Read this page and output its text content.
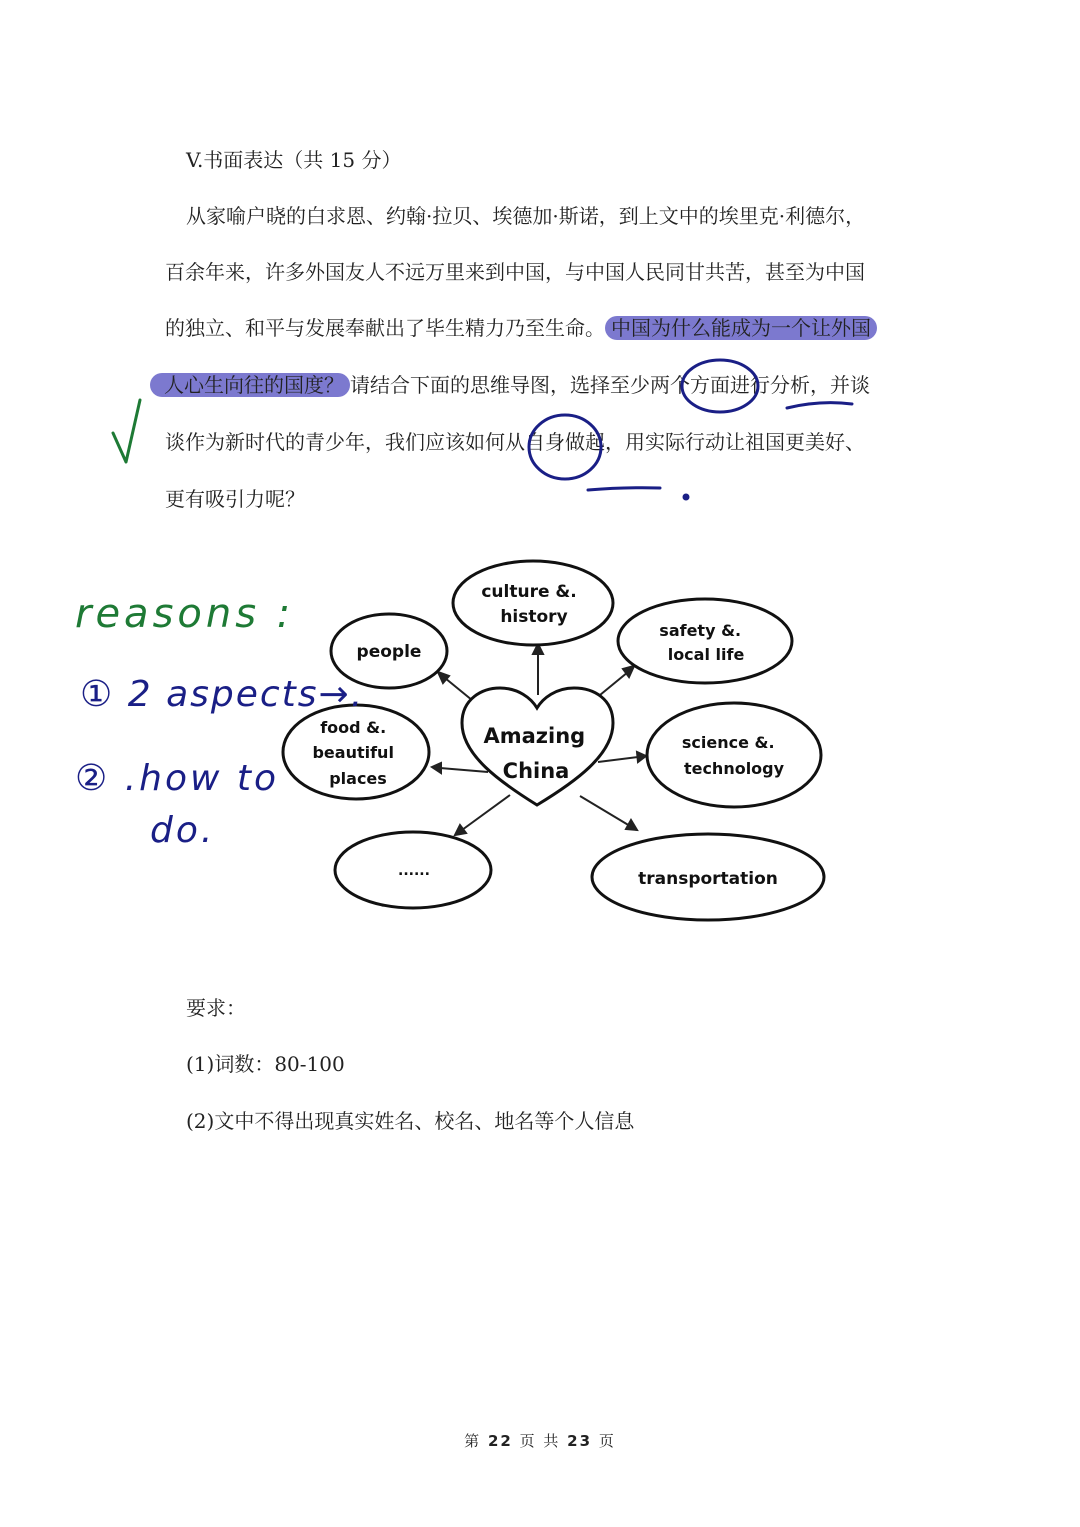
V.书面表达（共 15 分）
从家喻户晓的白求恩、约翰·拉贝、埃德加·斯诺，到上文中的埃里克·利德尔，
百余年来，许多外国友人不远万里来到中国，与中国人民同甘共苦，甚至为中国
的独立、和平与发展奉献出了毕生精力乃至生命。 中国为什么能成为一个让外国
人心生向往的国度？ 请结合下面的思维导图，选择至少两个方面进行分析，并谈
谈作为新时代的青少年，我们应该如何从自身做起，用实际行动让祖国更美好、
更有吸引力呢？
Amazing China
culture &. history
people
safety &. local life
food &. beautiful places
science &. technology
......	transportation
reasons :
① 2 aspects→.
② .how to
do.
要求：
(1)词数：80-100
(2)文中不得出现真实姓名、校名、地名等个人信息
第 22 页 共 23 页
